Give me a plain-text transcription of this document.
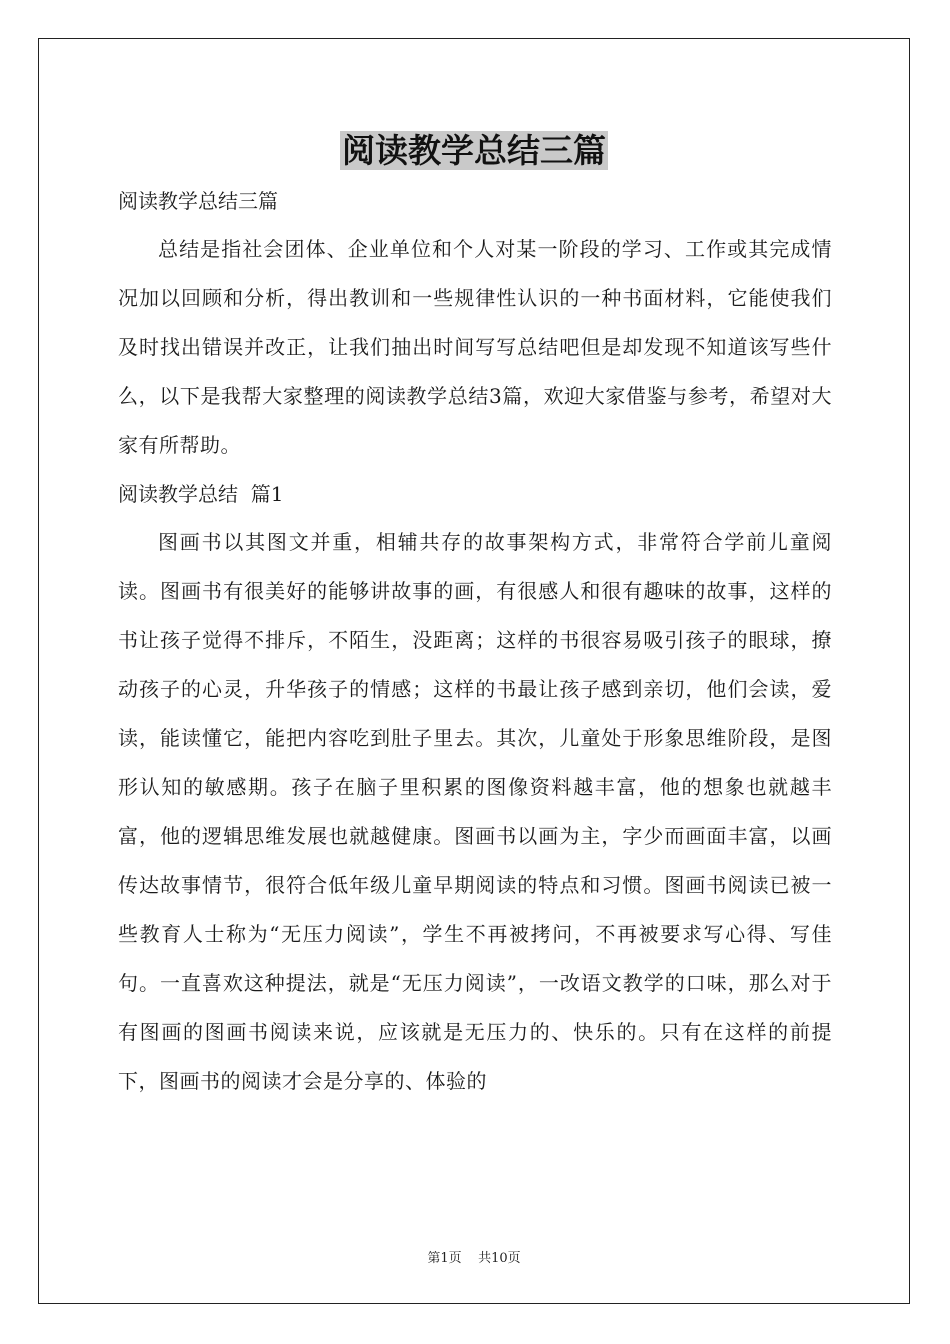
阅读教学总结三篇

阅读教学总结三篇

总结是指社会团体、企业单位和个人对某一阶段的学习、工作或其完成情况加以回顾和分析，得出教训和一些规律性认识的一种书面材料，它能使我们及时找出错误并改正，让我们抽出时间写写总结吧但是却发现不知道该写些什么，以下是我帮大家整理的阅读教学总结3篇，欢迎大家借鉴与参考，希望对大家有所帮助。

阅读教学总结  篇1

图画书以其图文并重，相辅共存的故事架构方式，非常符合学前儿童阅读。图画书有很美好的能够讲故事的画，有很感人和很有趣味的故事，这样的书让孩子觉得不排斥，不陌生，没距离；这样的书很容易吸引孩子的眼球，撩动孩子的心灵，升华孩子的情感；这样的书最让孩子感到亲切，他们会读，爱读，能读懂它，能把内容吃到肚子里去。其次，儿童处于形象思维阶段，是图形认知的敏感期。孩子在脑子里积累的图像资料越丰富，他的想象也就越丰富，他的逻辑思维发展也就越健康。图画书以画为主，字少而画面丰富，以画传达故事情节，很符合低年级儿童早期阅读的特点和习惯。图画书阅读已被一些教育人士称为“无压力阅读”，学生不再被拷问，不再被要求写心得、写佳句。一直喜欢这种提法，就是“无压力阅读”，一改语文教学的口味，那么对于有图画的图画书阅读来说，应该就是无压力的、快乐的。只有在这样的前提下，图画书的阅读才会是分享的、体验的

第1页    共10页
